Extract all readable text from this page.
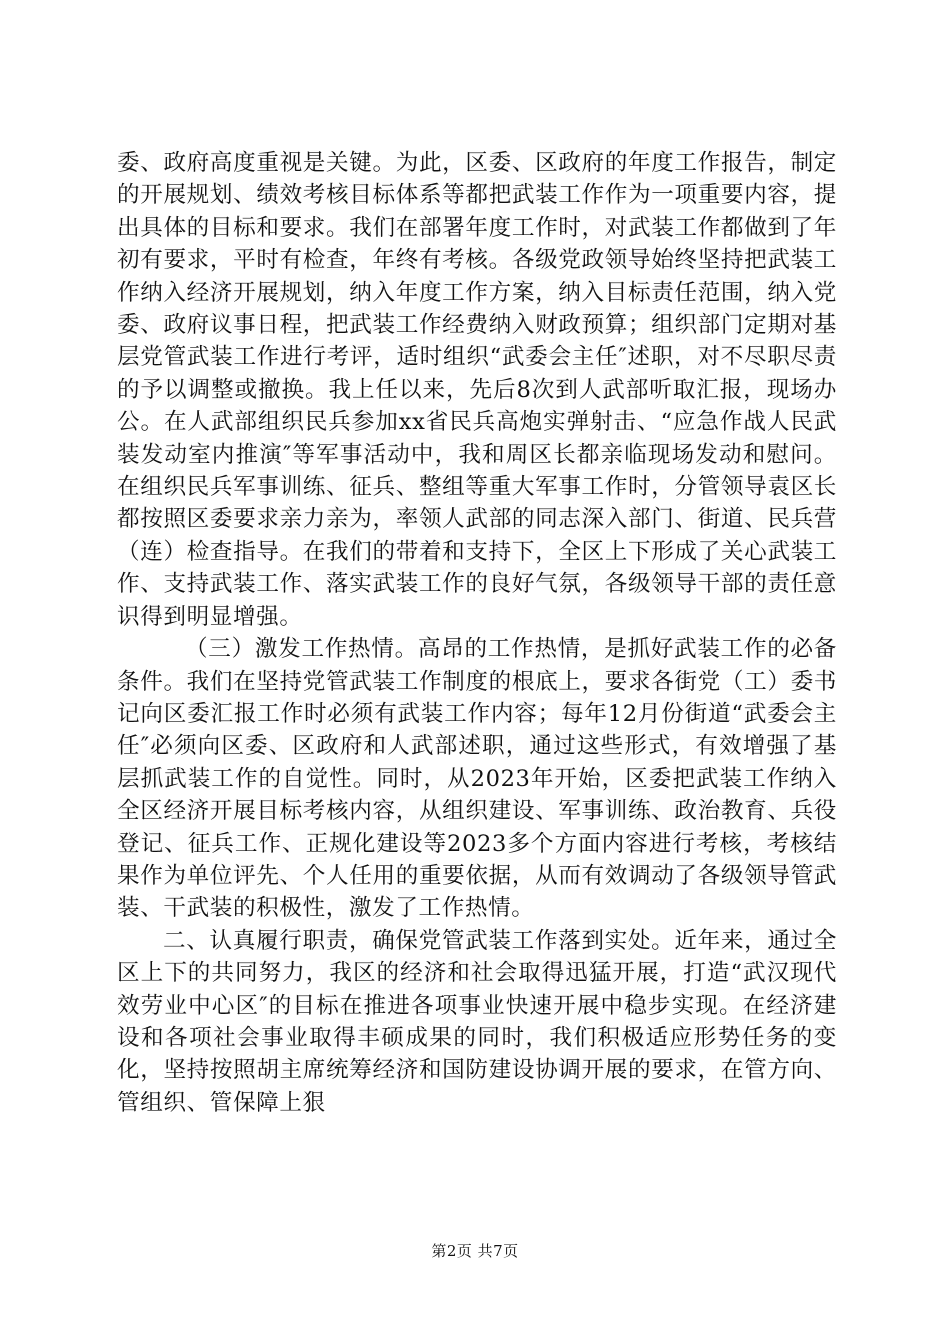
委、政府高度重视是关键。为此，区委、区政府的年度工作报告，制定的开展规划、绩效考核目标体系等都把武装工作作为一项重要内容，提出具体的目标和要求。我们在部署年度工作时，对武装工作都做到了年初有要求，平时有检查，年终有考核。各级党政领导始终坚持把武装工作纳入经济开展规划，纳入年度工作方案，纳入目标责任范围，纳入党委、政府议事日程，把武装工作经费纳入财政预算；组织部门定期对基层党管武装工作进行考评，适时组织“武委会主任″述职，对不尽职尽责的予以调整或撤换。我上任以来，先后8次到人武部听取汇报，现场办公。在人武部组织民兵参加xx省民兵高炮实弹射击、“应急作战人民武装发动室内推演″等军事活动中，我和周区长都亲临现场发动和慰问。在组织民兵军事训练、征兵、整组等重大军事工作时，分管领导袁区长都按照区委要求亲力亲为，率领人武部的同志深入部门、街道、民兵营（连）检查指导。在我们的带着和支持下，全区上下形成了关心武装工作、支持武装工作、落实武装工作的良好气氛，各级领导干部的责任意识得到明显增强。

（三）激发工作热情。高昂的工作热情，是抓好武装工作的必备条件。我们在坚持党管武装工作制度的根底上，要求各街党（工）委书记向区委汇报工作时必须有武装工作内容；每年12月份街道“武委会主任″必须向区委、区政府和人武部述职，通过这些形式，有效增强了基层抓武装工作的自觉性。同时，从2023年开始，区委把武装工作纳入全区经济开展目标考核内容，从组织建设、军事训练、政治教育、兵役登记、征兵工作、正规化建设等2023多个方面内容进行考核，考核结果作为单位评先、个人任用的重要依据，从而有效调动了各级领导管武装、干武装的积极性，激发了工作热情。

二、认真履行职责，确保党管武装工作落到实处。近年来，通过全区上下的共同努力，我区的经济和社会取得迅猛开展，打造“武汉现代效劳业中心区″的目标在推进各项事业快速开展中稳步实现。在经济建设和各项社会事业取得丰硕成果的同时，我们积极适应形势任务的变化，坚持按照胡主席统筹经济和国防建设协调开展的要求，在管方向、管组织、管保障上狠

第2页 共7页
